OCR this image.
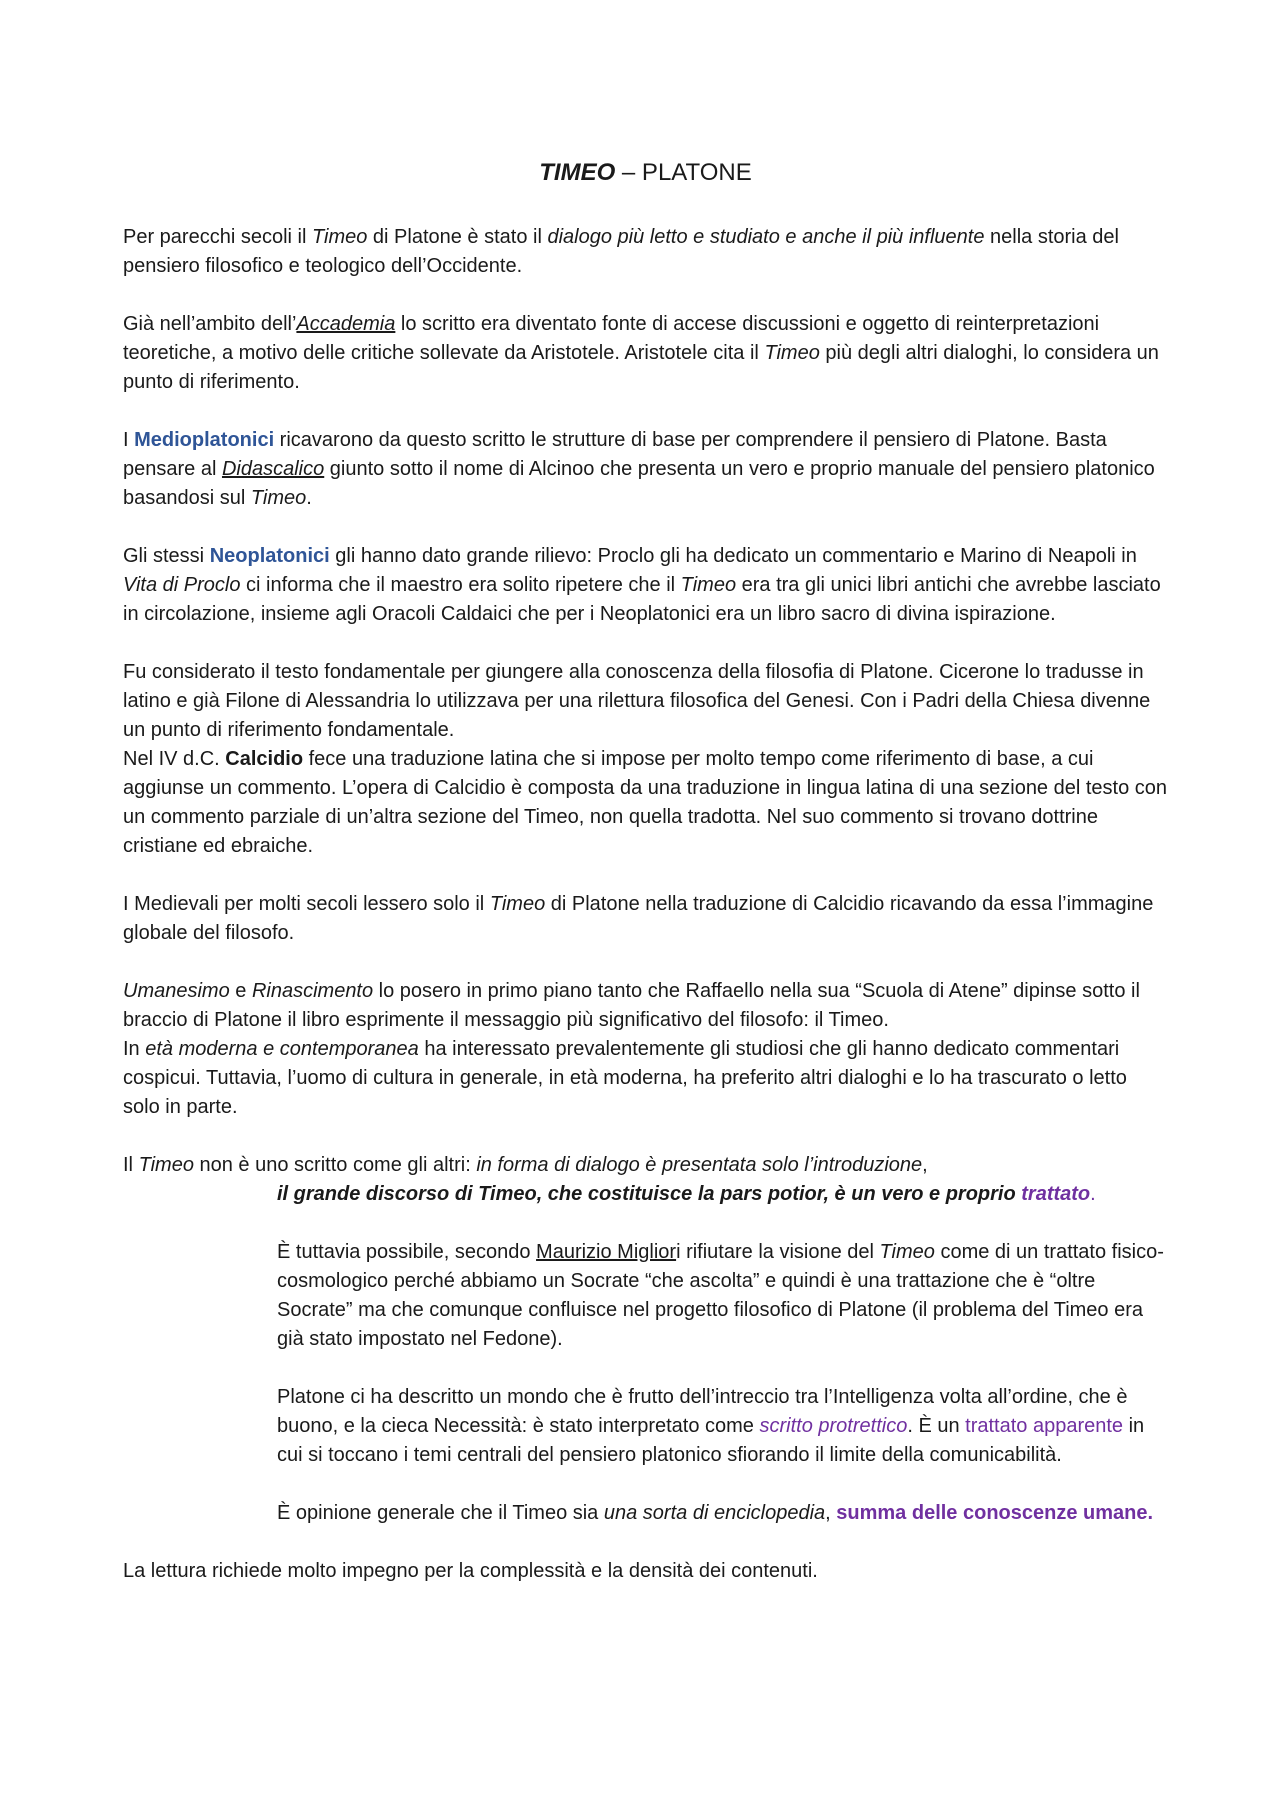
TIMEO – PLATONE

Per parecchi secoli il Timeo di Platone è stato il dialogo più letto e studiato e anche il più influente nella storia del pensiero filosofico e teologico dell’Occidente.

Già nell’ambito dell’Accademia lo scritto era diventato fonte di accese discussioni e oggetto di reinterpretazioni teoretiche, a motivo delle critiche sollevate da Aristotele. Aristotele cita il Timeo più degli altri dialoghi, lo considera un punto di riferimento.

I Medioplatonici ricavarono da questo scritto le strutture di base per comprendere il pensiero di Platone. Basta pensare al Didascalico giunto sotto il nome di Alcinoo che presenta un vero e proprio manuale del pensiero platonico basandosi sul Timeo.

Gli stessi Neoplatonici gli hanno dato grande rilievo: Proclo gli ha dedicato un commentario e Marino di Neapoli in Vita di Proclo ci informa che il maestro era solito ripetere che il Timeo era tra gli unici libri antichi che avrebbe lasciato in circolazione, insieme agli Oracoli Caldaici che per i Neoplatonici era un libro sacro di divina ispirazione.

Fu considerato il testo fondamentale per giungere alla conoscenza della filosofia di Platone. Cicerone lo tradusse in latino e già Filone di Alessandria lo utilizzava per una rilettura filosofica del Genesi. Con i Padri della Chiesa divenne un punto di riferimento fondamentale.

Nel IV d.C. Calcidio fece una traduzione latina che si impose per molto tempo come riferimento di base, a cui aggiunse un commento. L’opera di Calcidio è composta da una traduzione in lingua latina di una sezione del testo con un commento parziale di un’altra sezione del Timeo, non quella tradotta. Nel suo commento si trovano dottrine cristiane ed ebraiche.

I Medievali per molti secoli lessero solo il Timeo di Platone nella traduzione di Calcidio ricavando da essa l’immagine globale del filosofo.

Umanesimo e Rinascimento lo posero in primo piano tanto che Raffaello nella sua “Scuola di Atene” dipinse sotto il braccio di Platone il libro esprimente il messaggio più significativo del filosofo: il Timeo.

In età moderna e contemporanea ha interessato prevalentemente gli studiosi che gli hanno dedicato commentari cospicui. Tuttavia, l’uomo di cultura in generale, in età moderna, ha preferito altri dialoghi e lo ha trascurato o letto solo in parte.

Il Timeo non è uno scritto come gli altri: in forma di dialogo è presentata solo l’introduzione,

il grande discorso di Timeo, che costituisce la pars potior, è un vero e proprio trattato.

È tuttavia possibile, secondo Maurizio Migliori rifiutare la visione del Timeo come di un trattato fisico-cosmologico perché abbiamo un Socrate “che ascolta” e quindi è una trattazione che è “oltre Socrate” ma che comunque confluisce nel progetto filosofico di Platone (il problema del Timeo era già stato impostato nel Fedone).

Platone ci ha descritto un mondo che è frutto dell’intreccio tra l’Intelligenza volta all’ordine, che è buono, e la cieca Necessità: è stato interpretato come scritto protrettico. È un trattato apparente in cui si toccano i temi centrali del pensiero platonico sfiorando il limite della comunicabilità.

È opinione generale che il Timeo sia una sorta di enciclopedia, summa delle conoscenze umane.

La lettura richiede molto impegno per la complessità e la densità dei contenuti.
